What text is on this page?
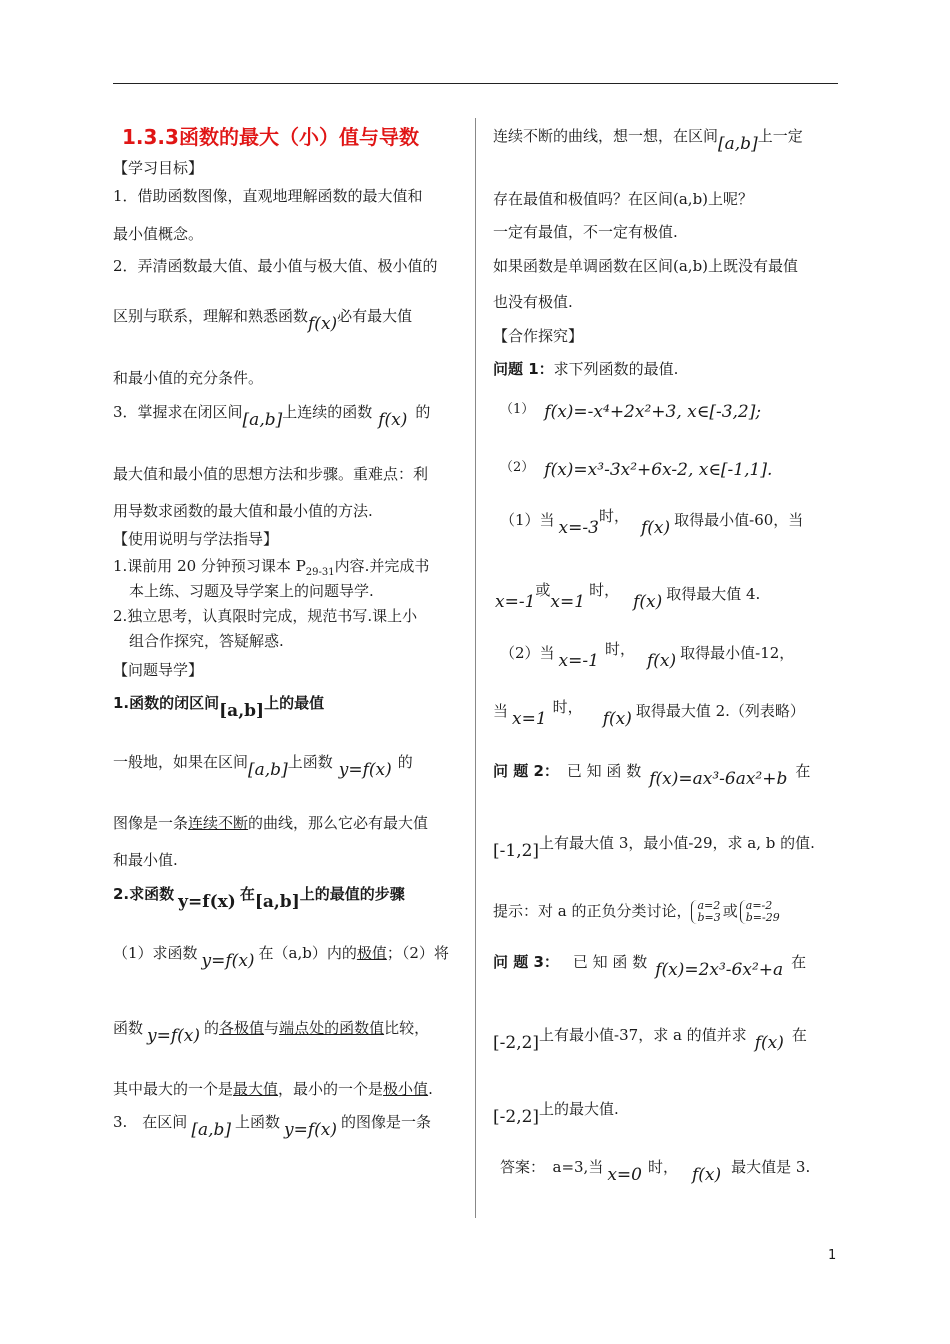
1.3.3函数的最大（小）值与导数
【学习目标】
1．借助函数图像，直观地理解函数的最大值和
最小值概念。
2．弄清函数最大值、最小值与极大值、极小值的
区别与联系，理解和熟悉函数f(x)必有最大值
和最小值的充分条件。
3．掌握求在闭区间[a,b]上连续的函数 f(x) 的
最大值和最小值的思想方法和步骤。重难点：利
用导数求函数的最大值和最小值的方法.
【使用说明与学法指导】
1.课前用 20 分钟预习课本 $P_{29-31}$内容.并完成书
本上练、习题及导学案上的问题导学.
2.独立思考，认真限时完成，规范书写.课上小
组合作探究，答疑解惑.
【问题导学】
1.函数的闭区间[a,b]上的最值
一般地，如果在区间[a,b]上函数 y=f(x) 的
图像是一条连续不断的曲线，那么它必有最大值
和最小值.
2.求函数 y=f(x) 在[a,b]上的最值的步骤
（1）求函数 y=f(x) 在（a,b）内的极值；（2）将
函数 y=f(x) 的各极值与端点处的函数值比较，
其中最大的一个是最大值，最小的一个是极小值.
3.　在区间 [a,b] 上函数 y=f(x) 的图像是一条
连续不断的曲线，想一想，在区间[a,b]上一定
存在最值和极值吗？在区间(a,b)上呢？
一定有最值，不一定有极值.
如果函数是单调函数在区间(a,b)上既没有最值
也没有极值.
【合作探究】
问题 1：求下列函数的最值.
（1） f(x)=-x⁴+2x²+3, x∈[-3,2];
（2） f(x)=x³-3x²+6x-2, x∈[-1,1].
（1）当 x=-3时，f(x) 取得最小值-60，当
x=-1或x=1时，f(x) 取得最大值 4.
（2）当 x=-1时，f(x) 取得最小值-12，
当 x=1时，f(x) 取得最大值 2.（列表略）
问 题 2： 已 知 函 数 f(x)=ax³-6ax²+b 在
[-1,2]上有最大值 3，最小值-29，求 a, b 的值.
提示：对 a 的正负分类讨论， a=2
b=3 或 a=-2
b=-29
问 题 3： 已 知 函 数 f(x)=2x³-6x²+a 在
[-2,2]上有最小值-37，求 a 的值并求 f(x) 在
[-2,2]上的最大值.
答案：　a=3,当 x=0 时， f(x) 最大值是 3.
1
